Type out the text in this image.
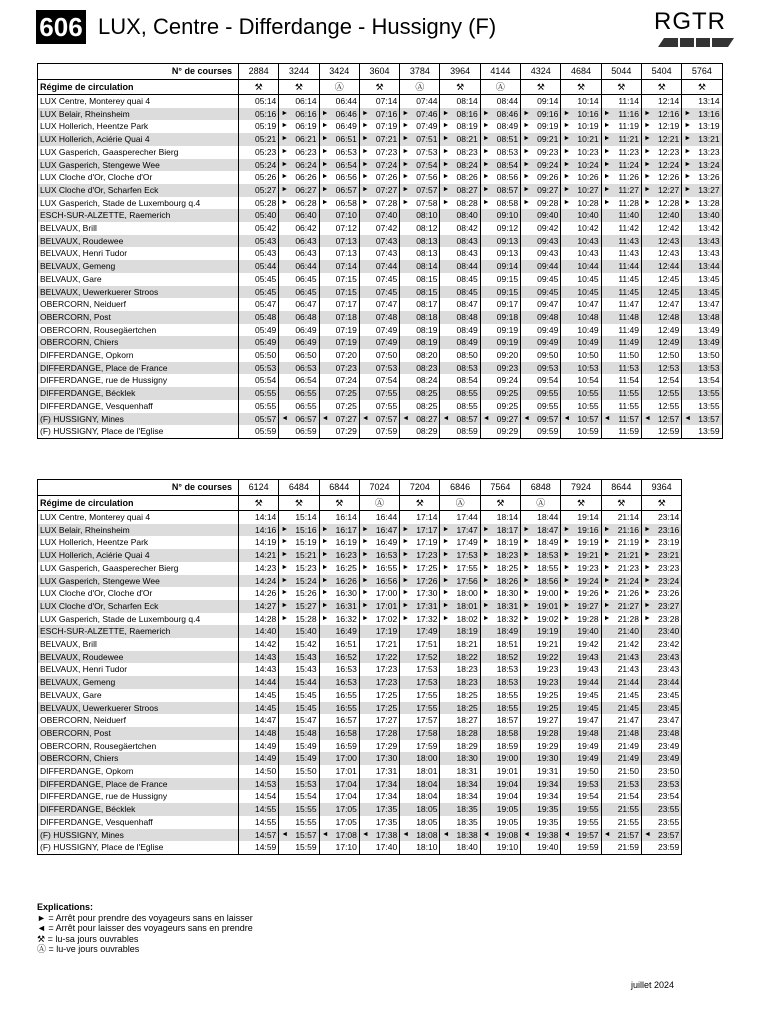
606 LUX, Centre - Differdange - Hussigny (F)	RGTR
N° de courses	2884	3244	3424	3604	3784	3964	4144	4324	4684	5044	5404	5764
Régime de circulation	⚒	⚒	Ⓐ	⚒	Ⓐ	⚒	Ⓐ	⚒	⚒	⚒	⚒	⚒
LUX Centre, Monterey quai 4	05:14	06:14	06:44	07:14	07:44	08:14	08:44	09:14	10:14	11:14	12:14	13:14
LUX Belair, Rheinsheim	05:16	► 06:16	► 06:46	► 07:16	► 07:46	► 08:16	► 08:46	► 09:16	► 10:16	► 11:16	► 12:16	► 13:16
LUX Hollerich, Heentze Park	05:19	► 06:19	► 06:49	► 07:19	► 07:49	► 08:19	► 08:49	► 09:19	► 10:19	► 11:19	► 12:19	► 13:19
LUX Hollerich, Aciérie Quai 4	05:21	► 06:21	► 06:51	► 07:21	► 07:51	► 08:21	► 08:51	► 09:21	► 10:21	► 11:21	► 12:21	► 13:21
LUX Gasperich, Gaasperecher Bierg	05:23	► 06:23	► 06:53	► 07:23	► 07:53	► 08:23	► 08:53	► 09:23	► 10:23	► 11:23	► 12:23	► 13:23
LUX Gasperich, Stengewe Wee	05:24	► 06:24	► 06:54	► 07:24	► 07:54	► 08:24	► 08:54	► 09:24	► 10:24	► 11:24	► 12:24	► 13:24
LUX Cloche d'Or, Cloche d'Or	05:26	► 06:26	► 06:56	► 07:26	► 07:56	► 08:26	► 08:56	► 09:26	► 10:26	► 11:26	► 12:26	► 13:26
LUX Cloche d'Or, Scharfen Eck	05:27	► 06:27	► 06:57	► 07:27	► 07:57	► 08:27	► 08:57	► 09:27	► 10:27	► 11:27	► 12:27	► 13:27
LUX Gasperich, Stade de Luxembourg q.4	05:28	► 06:28	► 06:58	► 07:28	► 07:58	► 08:28	► 08:58	► 09:28	► 10:28	► 11:28	► 12:28	► 13:28
ESCH-SUR-ALZETTE, Raemerich	05:40	06:40	07:10	07:40	08:10	08:40	09:10	09:40	10:40	11:40	12:40	13:40
BELVAUX, Brill	05:42	06:42	07:12	07:42	08:12	08:42	09:12	09:42	10:42	11:42	12:42	13:42
BELVAUX, Roudewee	05:43	06:43	07:13	07:43	08:13	08:43	09:13	09:43	10:43	11:43	12:43	13:43
BELVAUX, Henri Tudor	05:43	06:43	07:13	07:43	08:13	08:43	09:13	09:43	10:43	11:43	12:43	13:43
BELVAUX, Gemeng	05:44	06:44	07:14	07:44	08:14	08:44	09:14	09:44	10:44	11:44	12:44	13:44
BELVAUX, Gare	05:45	06:45	07:15	07:45	08:15	08:45	09:15	09:45	10:45	11:45	12:45	13:45
BELVAUX, Uewerkuerer Stroos	05:45	06:45	07:15	07:45	08:15	08:45	09:15	09:45	10:45	11:45	12:45	13:45
OBERCORN, Neiduerf	05:47	06:47	07:17	07:47	08:17	08:47	09:17	09:47	10:47	11:47	12:47	13:47
OBERCORN, Post	05:48	06:48	07:18	07:48	08:18	08:48	09:18	09:48	10:48	11:48	12:48	13:48
OBERCORN, Rousegäertchen	05:49	06:49	07:19	07:49	08:19	08:49	09:19	09:49	10:49	11:49	12:49	13:49
OBERCORN, Chiers	05:49	06:49	07:19	07:49	08:19	08:49	09:19	09:49	10:49	11:49	12:49	13:49
DIFFERDANGE, Opkorn	05:50	06:50	07:20	07:50	08:20	08:50	09:20	09:50	10:50	11:50	12:50	13:50
DIFFERDANGE, Place de France	05:53	06:53	07:23	07:53	08:23	08:53	09:23	09:53	10:53	11:53	12:53	13:53
DIFFERDANGE, rue de Hussigny	05:54	06:54	07:24	07:54	08:24	08:54	09:24	09:54	10:54	11:54	12:54	13:54
DIFFERDANGE, Bécklek	05:55	06:55	07:25	07:55	08:25	08:55	09:25	09:55	10:55	11:55	12:55	13:55
DIFFERDANGE, Vesquenhaff	05:55	06:55	07:25	07:55	08:25	08:55	09:25	09:55	10:55	11:55	12:55	13:55
(F) HUSSIGNY, Mines	05:57	◄ 06:57	◄ 07:27	◄ 07:57	◄ 08:27	◄ 08:57	◄ 09:27	◄ 09:57	◄ 10:57	◄ 11:57	◄ 12:57	◄ 13:57
(F) HUSSIGNY, Place de l'Eglise	05:59	06:59	07:29	07:59	08:29	08:59	09:29	09:59	10:59	11:59	12:59	13:59
N° de courses	6124	6484	6844	7024	7204	6846	7564	6848	7924	8644	9364
Régime de circulation	⚒	⚒	⚒	Ⓐ	⚒	Ⓐ	⚒	Ⓐ	⚒	⚒	⚒
LUX Centre, Monterey quai 4	14:14	15:14	16:14	16:44	17:14	17:44	18:14	18:44	19:14	21:14	23:14
LUX Belair, Rheinsheim	14:16	► 15:16	► 16:17	► 16:47	► 17:17	► 17:47	► 18:17	► 18:47	► 19:16	► 21:16	► 23:16
LUX Hollerich, Heentze Park	14:19	► 15:19	► 16:19	► 16:49	► 17:19	► 17:49	► 18:19	► 18:49	► 19:19	► 21:19	► 23:19
LUX Hollerich, Aciérie Quai 4	14:21	► 15:21	► 16:23	► 16:53	► 17:23	► 17:53	► 18:23	► 18:53	► 19:21	► 21:21	► 23:21
LUX Gasperich, Gaasperecher Bierg	14:23	► 15:23	► 16:25	► 16:55	► 17:25	► 17:55	► 18:25	► 18:55	► 19:23	► 21:23	► 23:23
LUX Gasperich, Stengewe Wee	14:24	► 15:24	► 16:26	► 16:56	► 17:26	► 17:56	► 18:26	► 18:56	► 19:24	► 21:24	► 23:24
LUX Cloche d'Or, Cloche d'Or	14:26	► 15:26	► 16:30	► 17:00	► 17:30	► 18:00	► 18:30	► 19:00	► 19:26	► 21:26	► 23:26
LUX Cloche d'Or, Scharfen Eck	14:27	► 15:27	► 16:31	► 17:01	► 17:31	► 18:01	► 18:31	► 19:01	► 19:27	► 21:27	► 23:27
LUX Gasperich, Stade de Luxembourg q.4	14:28	► 15:28	► 16:32	► 17:02	► 17:32	► 18:02	► 18:32	► 19:02	► 19:28	► 21:28	► 23:28
ESCH-SUR-ALZETTE, Raemerich	14:40	15:40	16:49	17:19	17:49	18:19	18:49	19:19	19:40	21:40	23:40
BELVAUX, Brill	14:42	15:42	16:51	17:21	17:51	18:21	18:51	19:21	19:42	21:42	23:42
BELVAUX, Roudewee	14:43	15:43	16:52	17:22	17:52	18:22	18:52	19:22	19:43	21:43	23:43
BELVAUX, Henri Tudor	14:43	15:43	16:53	17:23	17:53	18:23	18:53	19:23	19:43	21:43	23:43
BELVAUX, Gemeng	14:44	15:44	16:53	17:23	17:53	18:23	18:53	19:23	19:44	21:44	23:44
BELVAUX, Gare	14:45	15:45	16:55	17:25	17:55	18:25	18:55	19:25	19:45	21:45	23:45
BELVAUX, Uewerkuerer Stroos	14:45	15:45	16:55	17:25	17:55	18:25	18:55	19:25	19:45	21:45	23:45
OBERCORN, Neiduerf	14:47	15:47	16:57	17:27	17:57	18:27	18:57	19:27	19:47	21:47	23:47
OBERCORN, Post	14:48	15:48	16:58	17:28	17:58	18:28	18:58	19:28	19:48	21:48	23:48
OBERCORN, Rousegäertchen	14:49	15:49	16:59	17:29	17:59	18:29	18:59	19:29	19:49	21:49	23:49
OBERCORN, Chiers	14:49	15:49	17:00	17:30	18:00	18:30	19:00	19:30	19:49	21:49	23:49
DIFFERDANGE, Opkorn	14:50	15:50	17:01	17:31	18:01	18:31	19:01	19:31	19:50	21:50	23:50
DIFFERDANGE, Place de France	14:53	15:53	17:04	17:34	18:04	18:34	19:04	19:34	19:53	21:53	23:53
DIFFERDANGE, rue de Hussigny	14:54	15:54	17:04	17:34	18:04	18:34	19:04	19:34	19:54	21:54	23:54
DIFFERDANGE, Bécklek	14:55	15:55	17:05	17:35	18:05	18:35	19:05	19:35	19:55	21:55	23:55
DIFFERDANGE, Vesquenhaff	14:55	15:55	17:05	17:35	18:05	18:35	19:05	19:35	19:55	21:55	23:55
(F) HUSSIGNY, Mines	14:57	◄ 15:57	◄ 17:08	◄ 17:38	◄ 18:08	◄ 18:38	◄ 19:08	◄ 19:38	◄ 19:57	◄ 21:57	◄ 23:57
(F) HUSSIGNY, Place de l'Eglise	14:59	15:59	17:10	17:40	18:10	18:40	19:10	19:40	19:59	21:59	23:59
Explications:
► = Arrêt pour prendre des voyageurs sans en laisser
◄ = Arrêt pour laisser des voyageurs sans en prendre
⚒ = lu-sa jours ouvrables
Ⓐ = lu-ve jours ouvrables
juillet 2024
